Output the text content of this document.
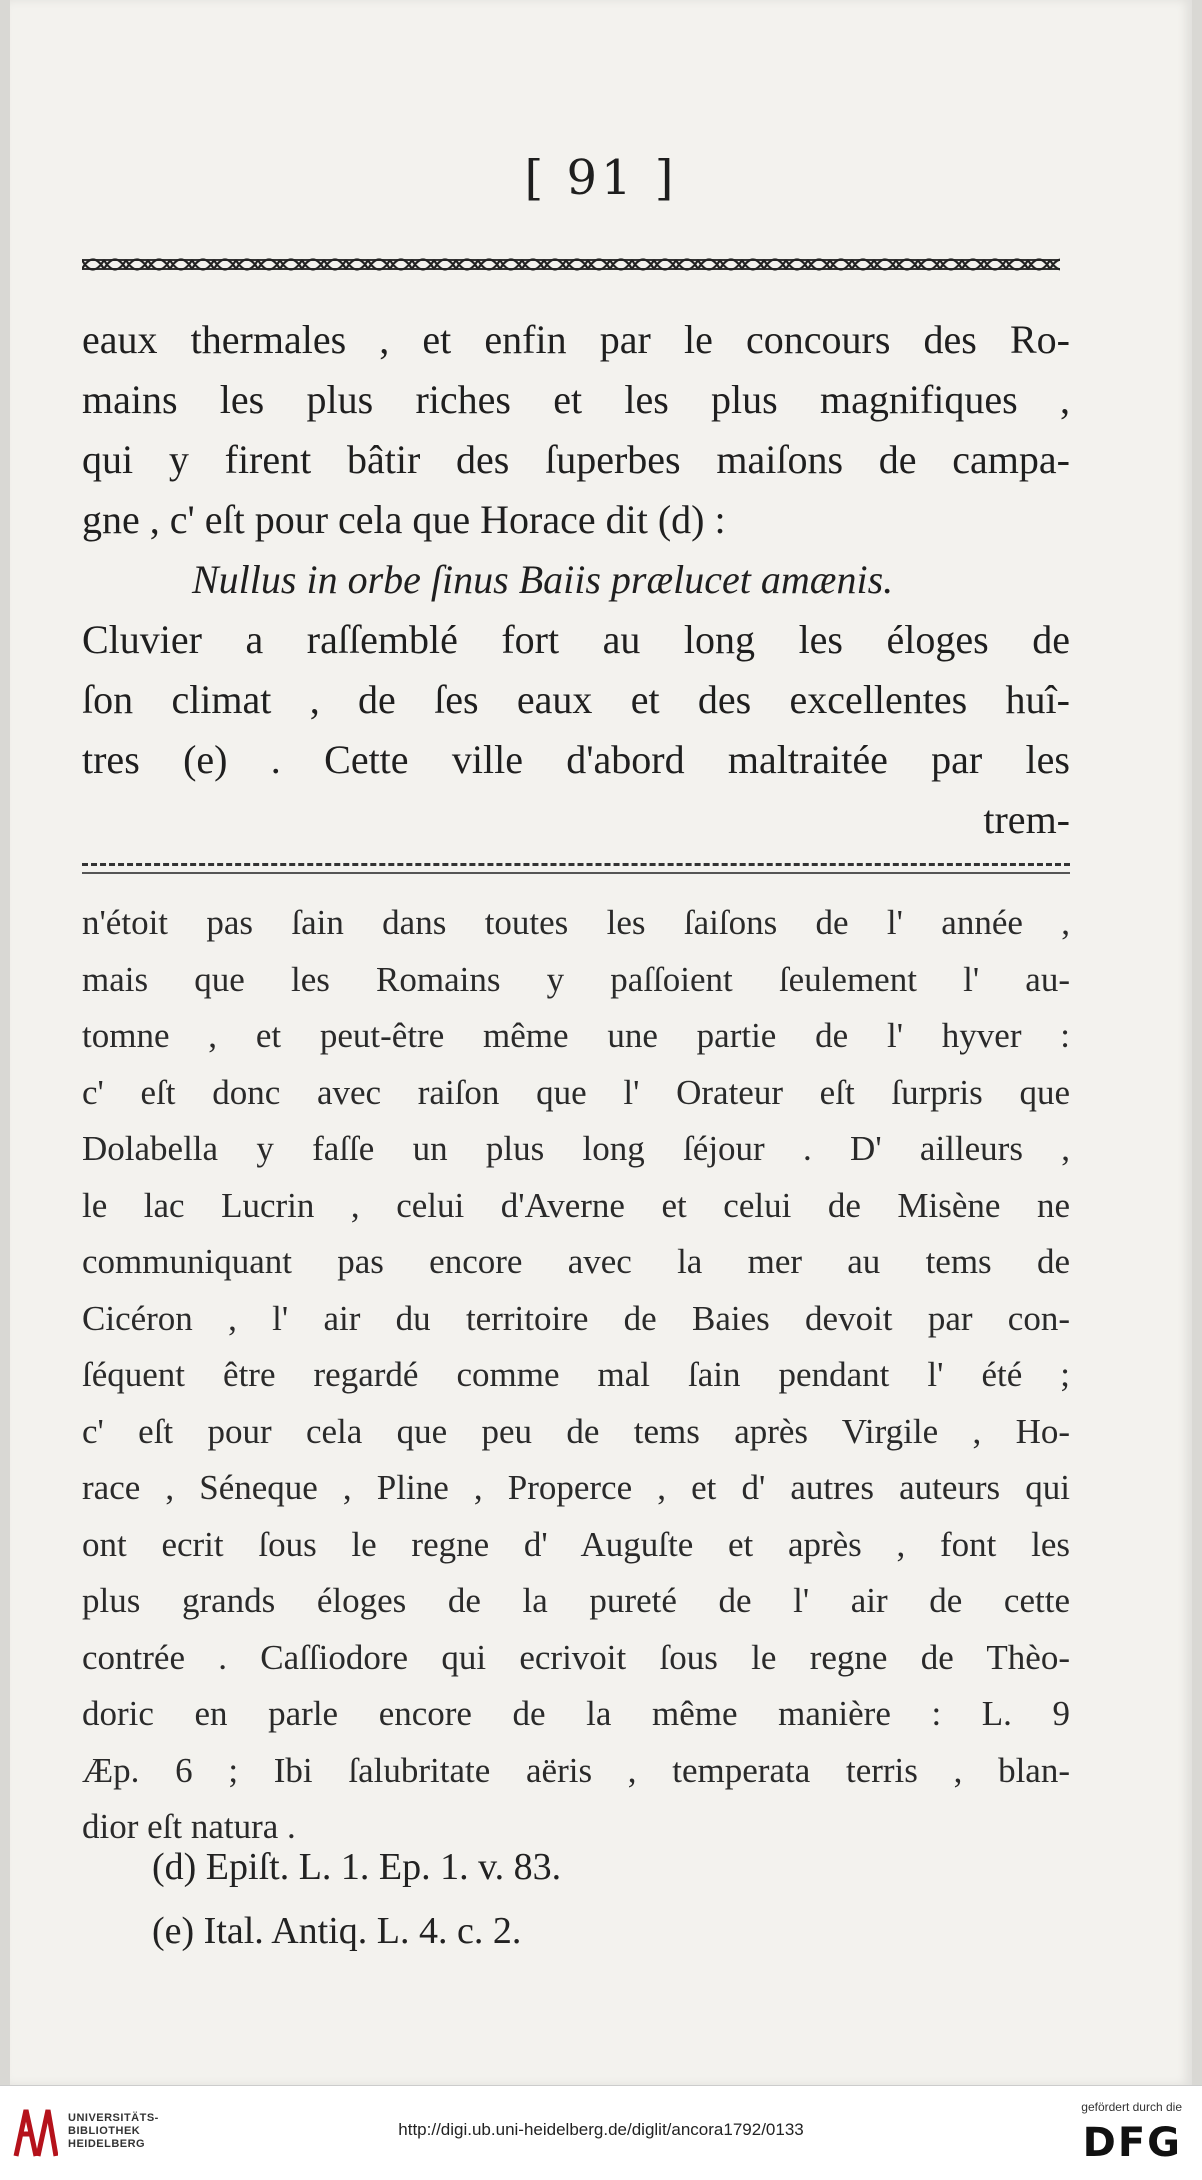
[ 91 ]
eaux thermales , et enfin par le concours des Ro-
mains les plus riches et les plus magnifiques ,
qui y firent bâtir des ſuperbes maiſons de campa-
gne , c' eſt pour cela que Horace dit (d) :
Nullus in orbe ſinus Baiis prælucet amænis.
Cluvier a raſſemblé fort au long les éloges de
ſon climat , de ſes eaux et des excellentes huî-
tres (e) . Cette ville d'abord maltraitée par les
trem-
n'étoit pas ſain dans toutes les ſaiſons de l' année ,
mais que les Romains y paſſoient ſeulement l' au-
tomne , et peut-être même une partie de l' hyver :
c' eſt donc avec raiſon que l' Orateur eſt ſurpris que
Dolabella y faſſe un plus long ſéjour . D' ailleurs ,
le lac Lucrin , celui d'Averne et celui de Misène ne
communiquant pas encore avec la mer au tems de
Cicéron , l' air du territoire de Baies devoit par con-
ſéquent être regardé comme mal ſain pendant l' été ;
c' eſt pour cela que peu de tems après Virgile , Ho-
race , Séneque , Pline , Properce , et d' autres auteurs qui
ont ecrit ſous le regne d' Auguſte et après , font les
plus grands éloges de la pureté de l' air de cette
contrée . Caſſiodore qui ecrivoit ſous le regne de Thèo-
doric en parle encore de la même manière : L. 9
Æp. 6 ; Ibi ſalubritate aëris , temperata terris , blan-
dior eſt natura .
(d) Epiſt. L. 1. Ep. 1. v. 83.
(e) Ital. Antiq. L. 4. c. 2.
UNIVERSITÄTS-
BIBLIOTHEK
HEIDELBERG
http://digi.ub.uni-heidelberg.de/diglit/ancora1792/0133
gefördert durch die
DFG
